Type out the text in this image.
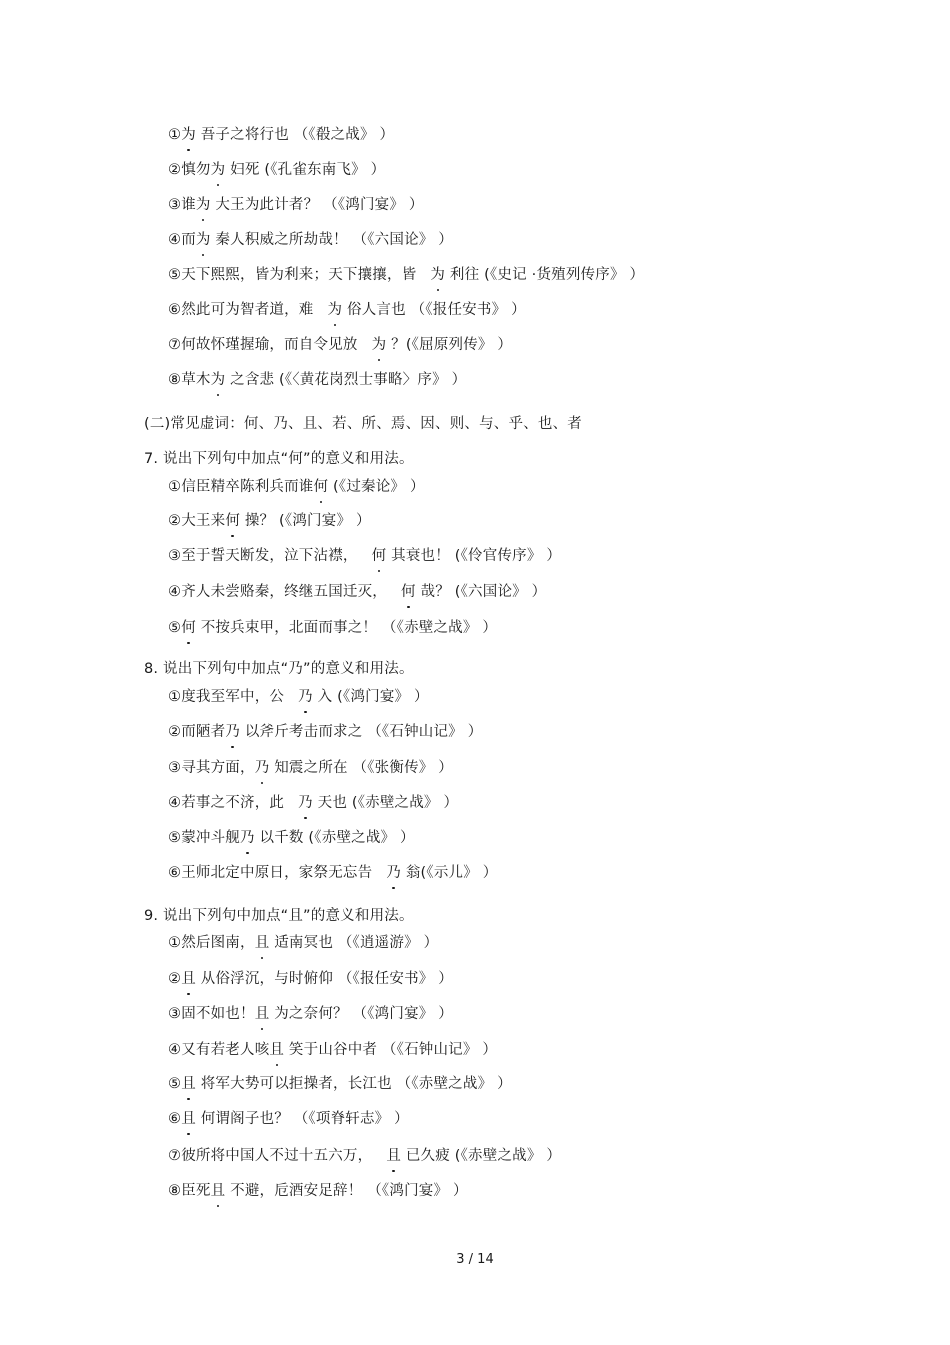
①为 吾子之将行也 （《殽之战》 ）
②慎勿为 妇死 (《孔雀东南飞》 ）
③谁为 大王为此计者？ （《鸿门宴》 ）
④而为 秦人积威之所劫哉！ （《六国论》 ）
⑤天下熙熙，皆为利来；天下攘攘，皆 为 利往 (《史记 ·货殖列传序》 ）
⑥然此可为智者道，难 为 俗人言也 （《报任安书》 ）
⑦何故怀瑾握瑜，而自令见放 为 ？(《屈原列传》 ）
⑧草木为 之含悲 (《〈黄花岗烈士事略〉序》 ）
(二)常见虚词：何、乃、且、若、所、焉、因、则、与、乎、也、者
7. 说出下列句中加点“何”的意义和用法。
①信臣精卒陈利兵而谁何 (《过秦论》 ）
②大王来何 操？ (《鸿门宴》 ）
③至于誓天断发，泣下沾襟， 何 其衰也！ (《伶官传序》 ）
④齐人未尝赂秦，终继五国迁灭， 何 哉？ (《六国论》 ）
⑤何 不按兵束甲，北面而事之！ （《赤壁之战》 ）
8. 说出下列句中加点“乃”的意义和用法。
①度我至军中，公 乃 入 (《鸿门宴》 ）
②而陋者乃 以斧斤考击而求之 （《石钟山记》 ）
③寻其方面，乃 知震之所在 （《张衡传》 ）
④若事之不济，此 乃 天也 (《赤壁之战》 ）
⑤蒙冲斗舰乃 以千数 (《赤壁之战》 ）
⑥王师北定中原日，家祭无忘告 乃 翁(《示儿》 ）
9. 说出下列句中加点“且”的意义和用法。
①然后图南，且 适南冥也 （《逍遥游》 ）
②且 从俗浮沉，与时俯仰 （《报任安书》 ）
③固不如也！且 为之奈何？ （《鸿门宴》 ）
④又有若老人咳且 笑于山谷中者 （《石钟山记》 ）
⑤且 将军大势可以拒操者，长江也 （《赤壁之战》 ）
⑥且 何谓阁子也？ （《项脊轩志》 ）
⑦彼所将中国人不过十五六万， 且 已久疲 (《赤壁之战》 ）
⑧臣死且 不避，卮酒安足辞！ （《鸿门宴》 ）
3 / 14
